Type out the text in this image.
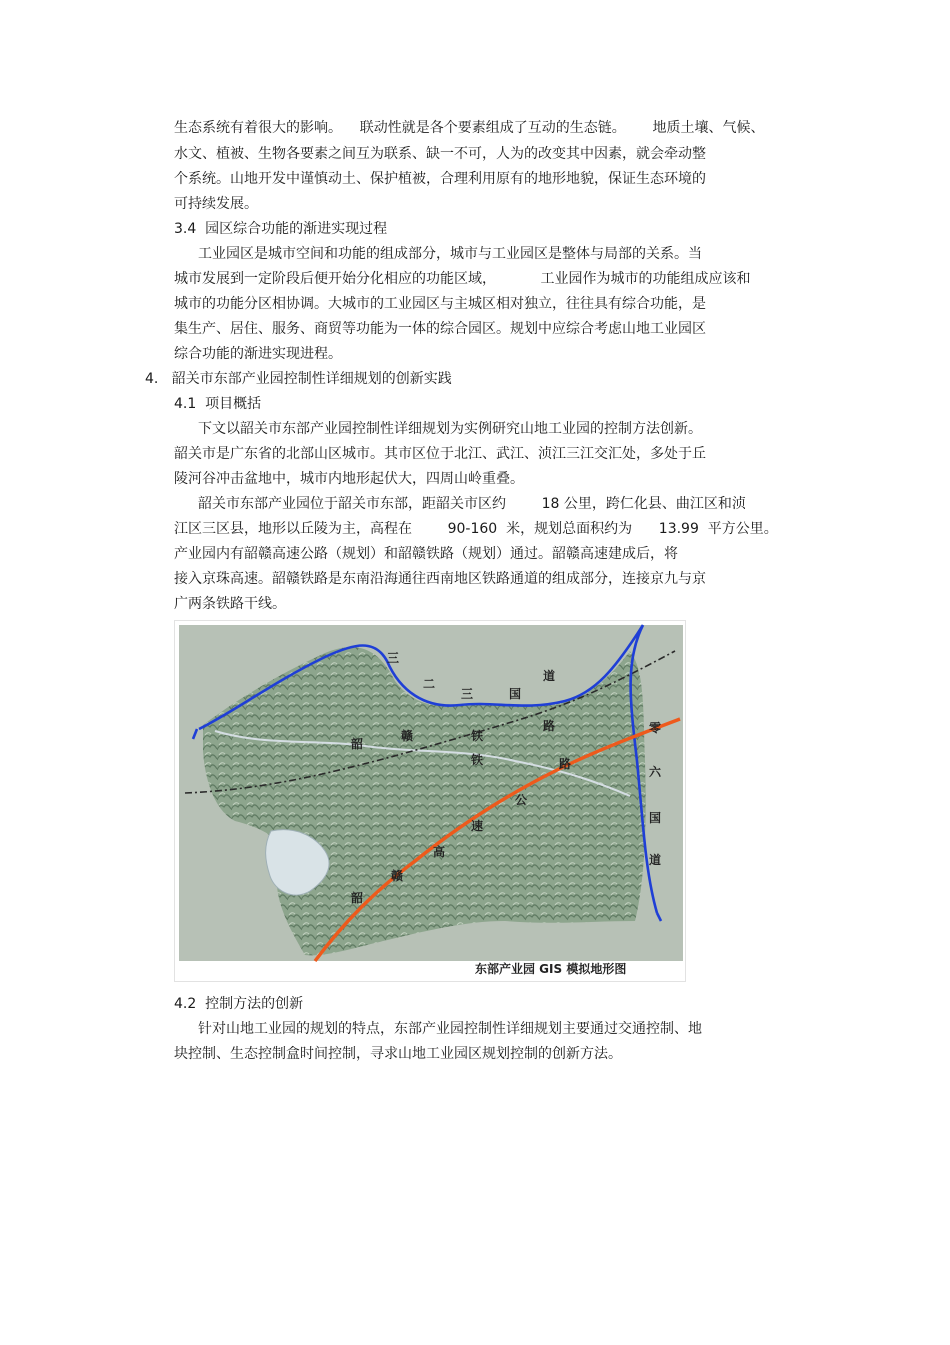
生态系统有着很大的影响。    联动性就是各个要素组成了互动的生态链。      地质土壤、气候、
水文、植被、生物各要素之间互为联系、缺一不可，人为的改变其中因素，就会牵动整
个系统。山地开发中谨慎动土、保护植被，合理利用原有的地形地貌，保证生态环境的
可持续发展。
3.4  园区综合功能的渐进实现过程
工业园区是城市空间和功能的组成部分，城市与工业园区是整体与局部的关系。当
城市发展到一定阶段后便开始分化相应的功能区域，          工业园作为城市的功能组成应该和
城市的功能分区相协调。大城市的工业园区与主城区相对独立，往往具有综合功能，是
集生产、居住、服务、商贸等功能为一体的综合园区。规划中应综合考虑山地工业园区
综合功能的渐进实现进程。
4.   韶关市东部产业园控制性详细规划的创新实践
4.1  项目概括
下文以韶关市东部产业园控制性详细规划为实例研究山地工业园的控制方法创新。
韶关市是广东省的北部山区城市。其市区位于北江、武江、浈江三江交汇处，多处于丘
陵河谷冲击盆地中，城市内地形起伏大，四周山岭重叠。
韶关市东部产业园位于韶关市东部，距韶关市区约        18 公里，跨仁化县、曲江区和浈
江区三区县，地形以丘陵为主，高程在        90-160  米，规划总面积约为      13.99  平方公里。
产业园内有韶赣高速公路（规划）和韶赣铁路（规划）通过。韶赣高速建成后，将
接入京珠高速。韶赣铁路是东南沿海通往西南地区铁路通道的组成部分，连接京九与京
广两条铁路干线。
三
二
三	国
道
铁
路
韶
赣
铁	路
公
速
高
赣
韶
零
六
国
道
东部产业园 GIS 模拟地形图
4.2  控制方法的创新
针对山地工业园的规划的特点，东部产业园控制性详细规划主要通过交通控制、地
块控制、生态控制盒时间控制，寻求山地工业园区规划控制的创新方法。
